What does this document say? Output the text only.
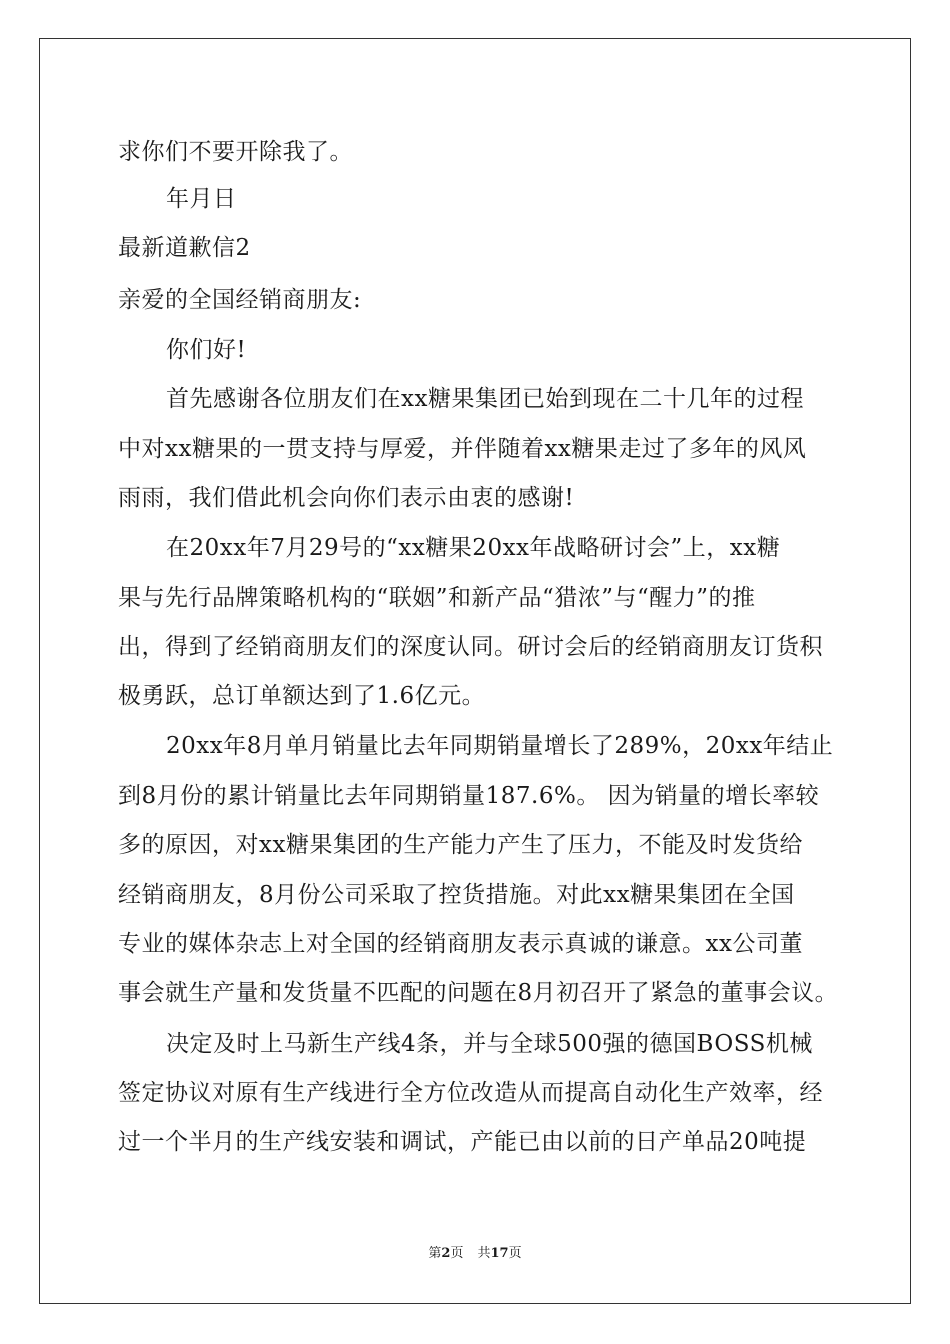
求你们不要开除我了。
年月日
最新道歉信2
亲爱的全国经销商朋友:
你们好!
首先感谢各位朋友们在xx糖果集团已始到现在二十几年的过程
中对xx糖果的一贯支持与厚爱，并伴随着xx糖果走过了多年的风风
雨雨，我们借此机会向你们表示由衷的感谢!
在20xx年7月29号的“xx糖果20xx年战略研讨会”上，xx糖
果与先行品牌策略机构的“联姻”和新产品“猎浓”与“醒力”的推
出，得到了经销商朋友们的深度认同。研讨会后的经销商朋友订货积
极勇跃，总订单额达到了1.6亿元。
20xx年8月单月销量比去年同期销量增长了289%，20xx年结止
到8月份的累计销量比去年同期销量187.6%。 因为销量的增长率较
多的原因，对xx糖果集团的生产能力产生了压力，不能及时发货给
经销商朋友，8月份公司采取了控货措施。对此xx糖果集团在全国
专业的媒体杂志上对全国的经销商朋友表示真诚的谦意。xx公司董
事会就生产量和发货量不匹配的问题在8月初召开了紧急的董事会议。
决定及时上马新生产线4条，并与全球500强的德国BOSS机械
签定协议对原有生产线进行全方位改造从而提高自动化生产效率，经
过一个半月的生产线安装和调试，产能已由以前的日产单品20吨提
第2页 共17页
